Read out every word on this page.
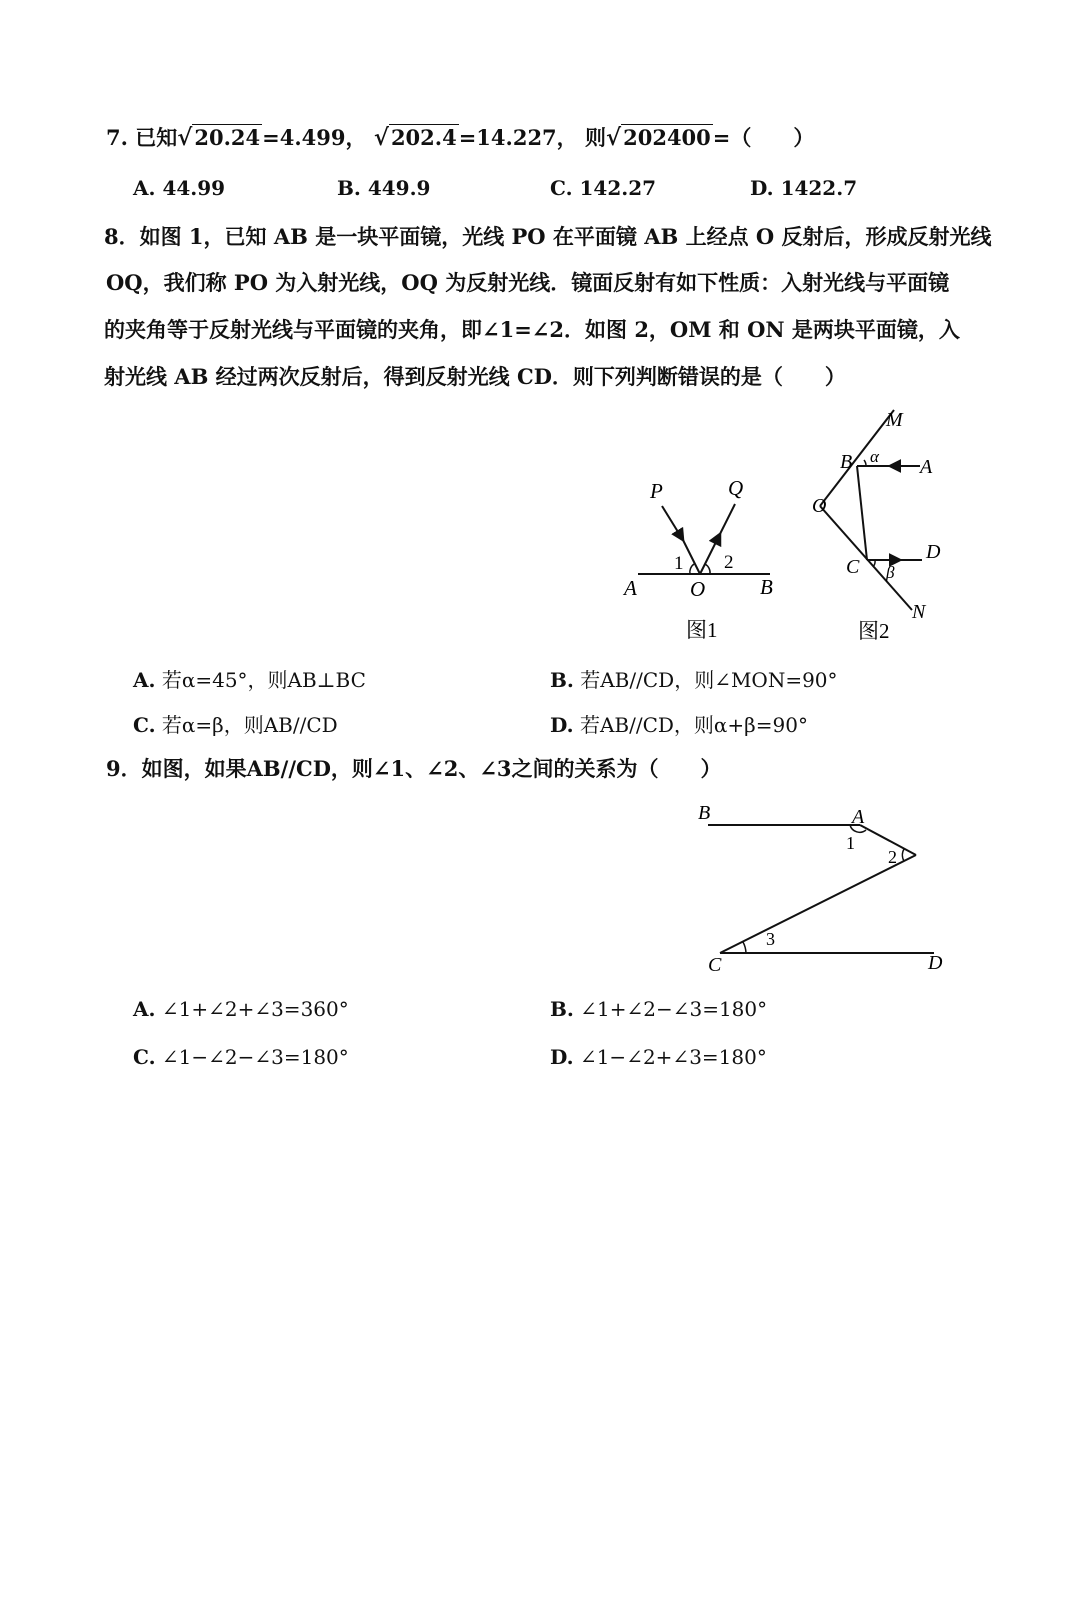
7. 已知√20.24=4.499， √202.4=14.227， 则√202400=（　　）
A. 44.99	B. 449.9	C. 142.27	D. 1422.7
8．如图 1，已知 AB 是一块平面镜，光线 PO 在平面镜 AB 上经点 O 反射后，形成反射光线
OQ，我们称 PO 为入射光线，OQ 为反射光线．镜面反射有如下性质：入射光线与平面镜
的夹角等于反射光线与平面镜的夹角，即∠1=∠2．如图 2，OM 和 ON 是两块平面镜，入
射光线 AB 经过两次反射后，得到反射光线 CD．则下列判断错误的是（　　）
P	Q
A	O	B
1 2
图1
M
B α A
O
C β
D
N
图2
A. 若α=45°，则AB⊥BC	B. 若AB//CD，则∠MON=90°
C. 若α=β，则AB//CD	D. 若AB//CD，则α+β=90°
9．如图，如果AB//CD，则∠1、∠2、∠3之间的关系为（　　）
B	A
1
2
3
C	D
A. ∠1+∠2+∠3=360°	B. ∠1+∠2−∠3=180°
C. ∠1−∠2−∠3=180°	D. ∠1−∠2+∠3=180°
